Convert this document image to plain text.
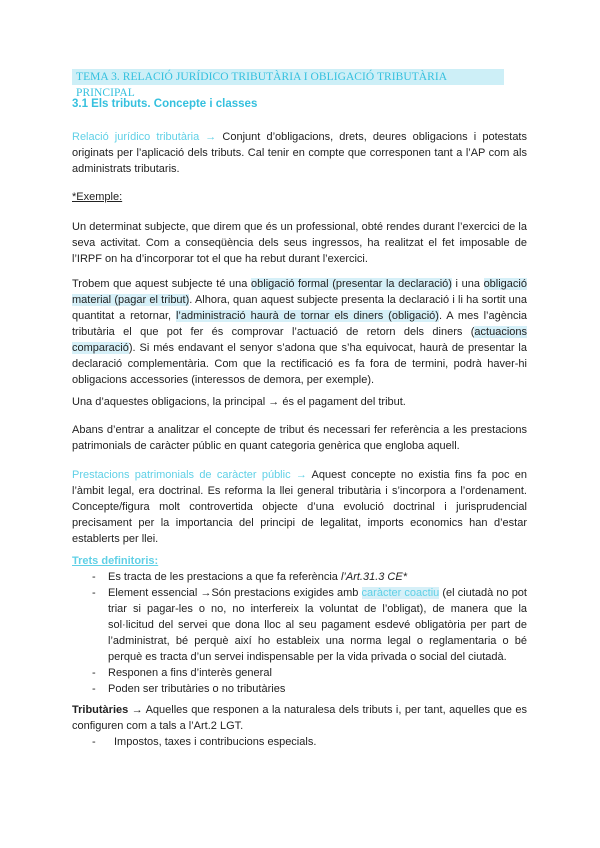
TEMA 3. RELACIÓ JURÍDICO TRIBUTÀRIA I OBLIGACIÓ TRIBUTÀRIA PRINCIPAL
3.1 Els tributs. Concepte i classes

Relació jurídico tributària → Conjunt d’obligacions, drets, deures obligacions i potestats originats per l’aplicació dels tributs. Cal tenir en compte que corresponen tant a l’AP com als administrats tributaris.

*Exemple:

Un determinat subjecte, que direm que és un professional, obté rendes durant l’exercici de la seva activitat. Com a conseqüència dels seus ingressos, ha realitzat el fet imposable de l’IRPF on ha d’incorporar tot el que ha rebut durant l’exercici.

Trobem que aquest subjecte té una obligació formal (presentar la declaració) i una obligació material (pagar el tribut). Alhora, quan aquest subjecte presenta la declaració i li ha sortit una quantitat a retornar, l’administració haurà de tornar els diners (obligació). A mes l’agència tributària el que pot fer és comprovar l’actuació de retorn dels diners (actuacions comparació). Si més endavant el senyor s’adona que s’ha equivocat, haurà de presentar la declaració complementària. Com que la rectificació es fa fora de termini, podrà haver-hi obligacions accessories (interessos de demora, per exemple).

Una d’aquestes obligacions, la principal → és el pagament del tribut.

Abans d’entrar a analitzar el concepte de tribut és necessari fer referència a les prestacions patrimonials de caràcter públic en quant categoria genèrica que engloba aquell.

Prestacions patrimonials de caràcter públic → Aquest concepte no existia fins fa poc en l’àmbit legal, era doctrinal. Es reforma la llei general tributària i s’incorpora a l’ordenament. Concepte/figura molt controvertida objecte d’una evolució doctrinal i jurisprudencial precisament per la importancia del principi de legalitat, imports economics han d’estar establerts per llei.

Trets definitoris:

- Es tracta de les prestacions a que fa referència l’Art.31.3 CE*
- Element essencial →Són prestacions exigides amb caràcter coactiu (el ciutadà no pot triar si pagar-les o no, no interfereix la voluntat de l’obligat), de manera que la sol·licitud del servei que dona lloc al seu pagament esdevé obligatòria per part de l’administrat, bé perquè així ho estableix una norma legal o reglamentaria o bé perquè es tracta d’un servei indispensable per la vida privada o social del ciutadà.
- Responen a fins d’interès general
- Poden ser tributàries o no tributàries

Tributàries → Aquelles que responen a la naturalesa dels tributs i, per tant, aquelles que es configuren com a tals a l’Art.2 LGT.

- Impostos, taxes i contribucions especials.
